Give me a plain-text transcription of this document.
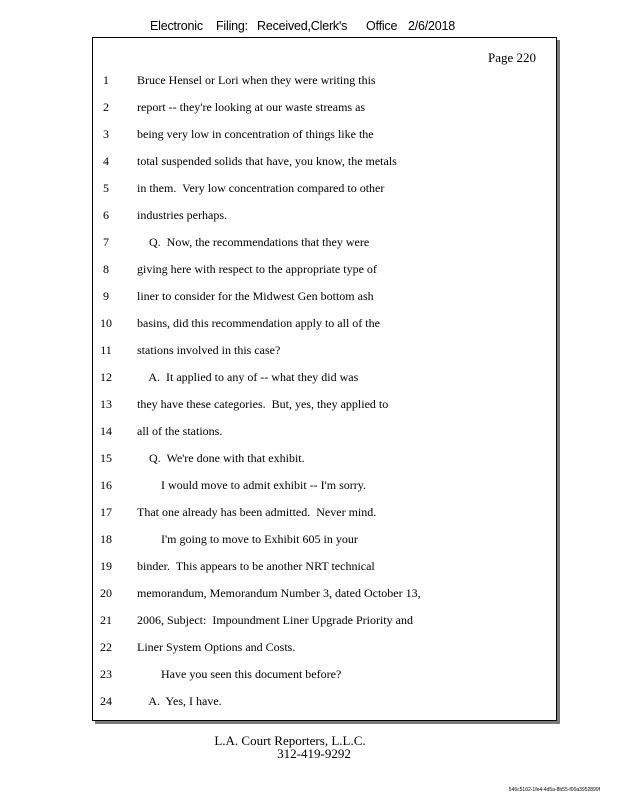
Electronic Filing: Received,Clerk's Office 2/6/2018
Page 220
1	Bruce Hensel or Lori when they were writing this
2	report -- they're looking at our waste streams as
3	being very low in concentration of things like the
4	total suspended solids that have, you know, the metals
5	in them.  Very low concentration compared to other
6	industries perhaps.
7	Q.  Now, the recommendations that they were
8	giving here with respect to the appropriate type of
9	liner to consider for the Midwest Gen bottom ash
10	basins, did this recommendation apply to all of the
11	stations involved in this case?
12	A.  It applied to any of -- what they did was
13	they have these categories.  But, yes, they applied to
14	all of the stations.
15	Q.  We're done with that exhibit.
16	I would move to admit exhibit -- I'm sorry.
17	That one already has been admitted.  Never mind.
18	I'm going to move to Exhibit 605 in your
19	binder.  This appears to be another NRT technical
20	memorandum, Memorandum Number 3, dated October 13,
21	2006, Subject:  Impoundment Liner Upgrade Priority and
22	Liner System Options and Costs.
23	Have you seen this document before?
24	A.  Yes, I have.
L.A. Court Reporters, L.L.C.
312-419-9292
546c5102-1fe4-4d5a-8b55-f00a3952899f
